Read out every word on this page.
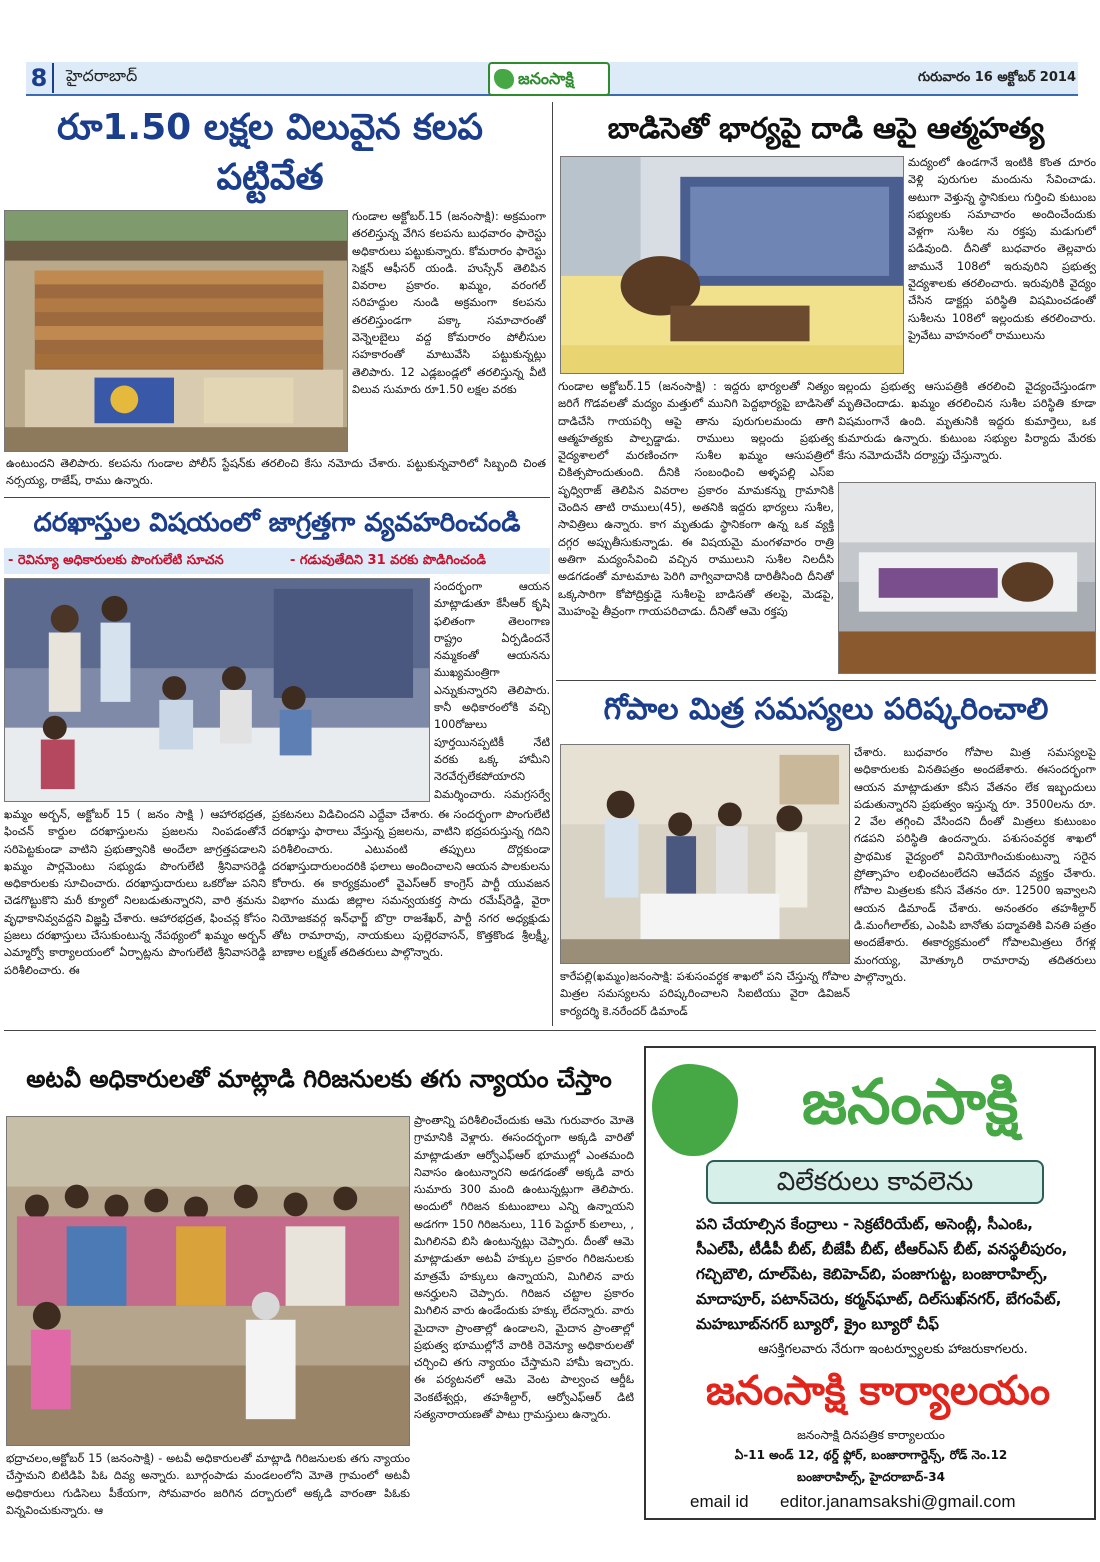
8	హైదరాబాద్	జనంసాక్షి	గురువారం 16 అక్టోబర్ 2014
రూ1.50 లక్షల విలువైన కలప
పట్టివేత
గుండాల అక్టోబర్.15 (జనంసాక్షి): అక్రమంగా తరలిస్తున్న వేగిస కలపను బుధవారం ఫారెస్టు అధికారులు పట్టుకున్నారు. కోమరారం ఫారెస్టు సెక్షన్ ఆఫీసర్ యండి. హుస్సేన్ తెలిపిన వివరాల ప్రకారం. ఖమ్మం, వరంగల్ సరిహద్దుల నుండి అక్రమంగా కలపను తరలిస్తుండగా పక్కా సమాచారంతో వెన్నెలబైలు వద్ద కోమరారం పోలీసుల సహకారంతో మాటువేసి పట్టుకున్నట్లు తెలిపారు. 12 ఎడ్లబండ్లలో తరలిస్తున్న వీటి విలువ సుమారు రూ1.50 లక్షల వరకు
ఉంటుందని తెలిపారు. కలపను గుండాల పోలీస్ స్టేషన్‌కు తరలించి కేసు నమోదు చేశారు. పట్టుకున్నవారిలో సిబ్బంది చింత నర్సయ్య, రాజేష్, రాము ఉన్నారు.
దరఖాస్తుల విషయంలో జాగ్రత్తగా వ్యవహరించండి
- రెవిన్యూ అధికారులకు పొంగులేటి సూచన	- గడువుతేదిని 31 వరకు పొడిగించండి
సందర్భంగా ఆయన మాట్లాడుతూ కేసీఆర్ కృషి ఫలితంగా తెలంగాణ రాష్ట్రం ఏర్పడిందనే నమ్మకంతో ఆయనను ముఖ్యమంత్రిగా ఎన్నుకున్నారని తెలిపారు. కానీ అధికారంలోకి వచ్చి 100రోజులు పూర్తయినప్పటికీ నేటి వరకు ఒక్క హామీని నెరవేర్చలేకపోయారని విమర్శించారు. సమగ్రసర్వే
ఖమ్మం అర్బన్, అక్టోబర్ 15 ( జనం సాక్షి ) ఆహారభద్రత, ఫించన్ కార్డుల దరఖాస్తులను ప్రజలను నింపడంతోనే సరిపెట్టకుండా వాటిని ప్రభుత్వానికి అందేలా జాగ్రత్తపడాలని ఖమ్మం పార్లమెంటు సభ్యుడు పొంగులేటి శ్రీనివాసరెడ్డి అధికారులకు సూచించారు. దరఖాస్తుదారులు ఒకరోజు పనిని చెడగొట్టుకొని మరీ క్యూలో నిలబడుతున్నారని, వారి శ్రమను వృధాకానివ్వవద్దని విజ్ఞప్తి చేశారు. ఆహారభద్రత, ఫించన్ల కోసం ప్రజలు దరఖాస్తులు చేసుకుంటున్న నేపథ్యంలో ఖమ్మం అర్బన్ ఎమ్మార్వో కార్యాలయంలో ఏర్పాట్లను పొంగులేటి శ్రీనివాసరెడ్డి పరిశీలించారు. ఈ
ప్రకటనలు విడిచిందని ఎద్దేవా చేశారు. ఈ సందర్భంగా పొంగులేటి దరఖాస్తు ఫారాలు వేస్తున్న ప్రజలను, వాటిని భద్రపరుస్తున్న గదిని పరిశీలించారు. ఎటువంటి తప్పులు దొర్లకుండా దరఖాస్తుదారులందరికి ఫలాలు అందించాలని ఆయన పాలకులను కోరారు. ఈ కార్యక్రమంలో వైఎస్ఆర్ కాంగ్రెస్ పార్టీ యువజన విభాగం ముడు జిల్లాల సమన్వయకర్త సాదు రమేష్‌రెడ్డి, వైరా నియోజకవర్గ ఇన్‌ఛార్జ్ బొర్రా రాజశేఖర్, పార్టీ నగర అధ్యక్షుడు తోట రామారావు, నాయకులు పుల్లెరవాసన్, కొత్తకొండ శ్రీలక్ష్మీ, బాణాల లక్ష్మణ్ తదితరులు పాల్గొన్నారు.
బాడిసెతో భార్యపై దాడి ఆపై ఆత్మహత్య
మద్యంలో ఉండగానే ఇంటికి కొంత దూరం వెళ్లి పురుగుల మందును సేవించాడు. అటుగా వెళ్తున్న స్థానికులు గుర్తించి కుటుంబ సభ్యులకు సమాచారం అందించేందుకు వెళ్లగా సుశీల ను రక్తపు మడుగులో పడివుంది. దీనితో బుధవారం తెల్లవారు జామునే 108లో ఇరువురిని ప్రభుత్వ వైద్యశాలకు తరలించారు. ఇరువురికి వైద్యం చేసిన డాక్టర్లు పరిస్థితి విషమించడంతో సుశీలను 108లో ఇల్లందుకు తరలించారు. ప్రైవేటు వాహనంలో రాములును
గుండాల అక్టోబర్.15 (జనంసాక్షి) : ఇద్దరు భార్యలతో నిత్యం జరిగే గొడవలతో మద్యం మత్తులో మునిగి పెద్దభార్యపై బాడిసెతో దాడిచేసి గాయపర్చి ఆపై తాను పురుగులమందు తాగి ఆత్మహత్యకు పాల్పడ్డాడు. రాములు ఇల్లందు ప్రభుత్వ వైద్యశాలలో మరణించగా సుశీల ఖమ్మం ఆసుపత్రిలో చికిత్సపొందుతుంది. దీనికి సంబంధించి అళ్ళపల్లి ఎస్‌ఐ పృధ్విరాజ్ తెలిపిన వివరాల ప్రకారం మామకన్ను గ్రామానికి చెందిన తాటి రాములు(45), అతనికి ఇద్దరు భార్యలు సుశీల, సావిత్రిలు ఉన్నారు. కాగ మృతుడు స్థానికంగా ఉన్న ఒక వ్యక్తి దగ్గర అప్పుతీసుకున్నాడు. ఈ విషయమై మంగళవారం రాత్రి అతిగా మద్యంసేవించి వచ్చిన రాములుని సుశీల నిలదీసి అడగడంతో మాటమాట పెరిగి వాగ్వివాదానికి దారితీసింది దీనితో ఒక్కసారిగా కోపోద్రిక్తుడై సుశీలపై బాడిసతో తలపై, మెడపై, మొహంపై తీవ్రంగా గాయపరిచాడు. దీనితో ఆమె రక్తపు
ఇల్లందు ప్రభుత్వ ఆసుపత్రికి తరలించి వైద్యంచేస్తుండగా మృతిచెందాడు. ఖమ్మం తరలించిన సుశీల పరిస్థితి కూడా విషమంగానే ఉంది. మృతునికి ఇద్దరు కుమార్తెలు, ఒక కుమారుడు ఉన్నారు. కుటుంబ సభ్యుల పిర్యాదు మేరకు కేసు నమోదుచేసి దర్యాప్తు చేస్తున్నారు.
గోపాల మిత్ర సమస్యలు పరిష్కరించాలి
చేశారు. బుధవారం గోపాల మిత్ర సమస్యలపై అధికారులకు వినతిపత్రం అందజేశారు. ఈసందర్భంగా ఆయన మాట్లాడుతూ కనీస వేతనం లేక ఇబ్బందులు పడుతున్నారని ప్రభుత్వం ఇస్తున్న రూ. 3500లను రూ. 2 వేల తగ్గించి వేసిందని దీంతో మిత్రలు కుటుంబం గడపని పరిస్థితి ఉందన్నారు. పశుసంవర్ధక శాఖలో ప్రాథమిక వైద్యంలో వినియోగించుకుంటున్నా సరైన ప్రోత్సాహం లభించటంలేదని ఆవేదన వ్యక్తం చేశారు. గోపాల మిత్రలకు కనీస వేతనం రూ. 12500 ఇవ్వాలని ఆయన డిమాండ్ చేశారు. అనంతరం తహశీల్దార్ డి.మంగీలాల్‌కు, ఎంపిపి బానోతు పద్మావతికి వినతి పత్రం అందజేశారు. ఈకార్యక్రమంలో గోపాలమిత్రలు రేగళ్ల మంగయ్య, మోత్కూరి రామారావు తదితరులు పాల్గొన్నారు.
కారేపల్లి(ఖమ్మం)జనంసాక్షి: పశుసంవర్ధక శాఖలో పని చేస్తున్న గోపాల మిత్రల సమస్యలను పరిష్కరించాలని సిఐటియు వైరా డివిజన్ కార్యదర్శి కె.నరేందర్ డిమాండ్
అటవీ అధికారులతో మాట్లాడి గిరిజనులకు తగు న్యాయం చేస్తాం
ప్రాంతాన్ని పరిశీలించేందుకు ఆమె గురువారం మోతె గ్రామానికి వెళ్లారు. ఈసందర్భంగా అక్కడి వారితో మాట్లాడుతూ ఆర్వోఎఫ్ఆర్ భూముల్లో ఎంతమంది నివాసం ఉంటున్నారని అడగడంతో అక్కడి వారు సుమారు 300 మంది ఉంటున్నట్లుగా తెలిపారు. అందులో గిరిజన కుటుంబాలు ఎన్ని ఉన్నాయని అడగగా 150 గిరిజనులు, 116 పెద్దూర్ కులాలు, , మిగిలినవి బిసి ఉంటున్నట్లు చెప్పారు. దీంతో ఆమె మాట్లాడుతూ అటవీ హక్కుల ప్రకారం గిరిజనులకు మాత్రమే హక్కులు ఉన్నాయని, మిగిలిన వారు అనర్హులని చెప్పారు. గిరిజన చట్టాల ప్రకారం మిగిలిన వారు ఉండేందుకు హక్కు లేదన్నారు. వారు మైదానా ప్రాంతాల్లో ఉండాలని, మైదాన ప్రాంతాల్లో ప్రభుత్వ భూముల్లోనే వారికి రెవెన్యూ అధికారులతో చర్చించి తగు న్యాయం చేస్తామని హామీ ఇచ్చారు. ఈ పర్యటనలో ఆమె వెంట పాల్వంచ ఆర్డీఓ వెంకటేశ్వర్లు, తహశీల్దార్, ఆర్వోఎఫ్ఆర్ డిటి సత్యనారాయణతో పాటు గ్రామస్తులు ఉన్నారు.
భద్రాచలం,అక్టోబర్ 15 (జనంసాక్షి) - అటవీ అధికారులతో మాట్లాడి గిరిజనులకు తగు న్యాయం చేస్తామని బిటిడిపి పిఓ దివ్య అన్నారు. బూర్గంపాడు మండలంలోని మోతె గ్రామంలో అటవీ అధికారులు గుడిసెలు పీకేయగా, సోమవారం జరిగిన దర్బారులో అక్కడి వారంతా పిఓకు విన్నవించుకున్నారు. ఆ
జనంసాక్షి
విలేకరులు కావలెను
పని చేయాల్సిన కేంద్రాలు - సెక్రటేరియేట్, అసెంబ్లీ, సీఎంఓ, సీఎల్‌పీ, టీడీపీ బీట్, బీజేపీ బీట్, టీఆర్ఎస్ బీట్, వనస్థలీపురం, గచ్చిబౌలి, దూల్‌పేట, కెబిహెచ్‌బి, పంజాగుట్ట, బంజారాహిల్స్, మాదాపూర్, పటాన్‌చెరు, కర్మన్‌ఘాట్, దిల్‌సుఖ్‌నగర్, బేగంపేట్, మహబూబ్‌నగర్ బ్యూరో, క్రైం బ్యూరో చీఫ్
ఆసక్తిగలవారు నేరుగా ఇంటర్వ్యూలకు హాజరుకాగలరు.
జనంసాక్షి కార్యాలయం
జనంసాక్షి దినపత్రిక కార్యాలయం
ఏ-11 అండ్ 12, థర్డ్ ఫ్లోర్, బంజారాగార్డెన్స్, రోడ్ నెం.12
బంజారాహిల్స్, హైదరాబాద్-34
email id editor.janamsakshi@gmail.com
